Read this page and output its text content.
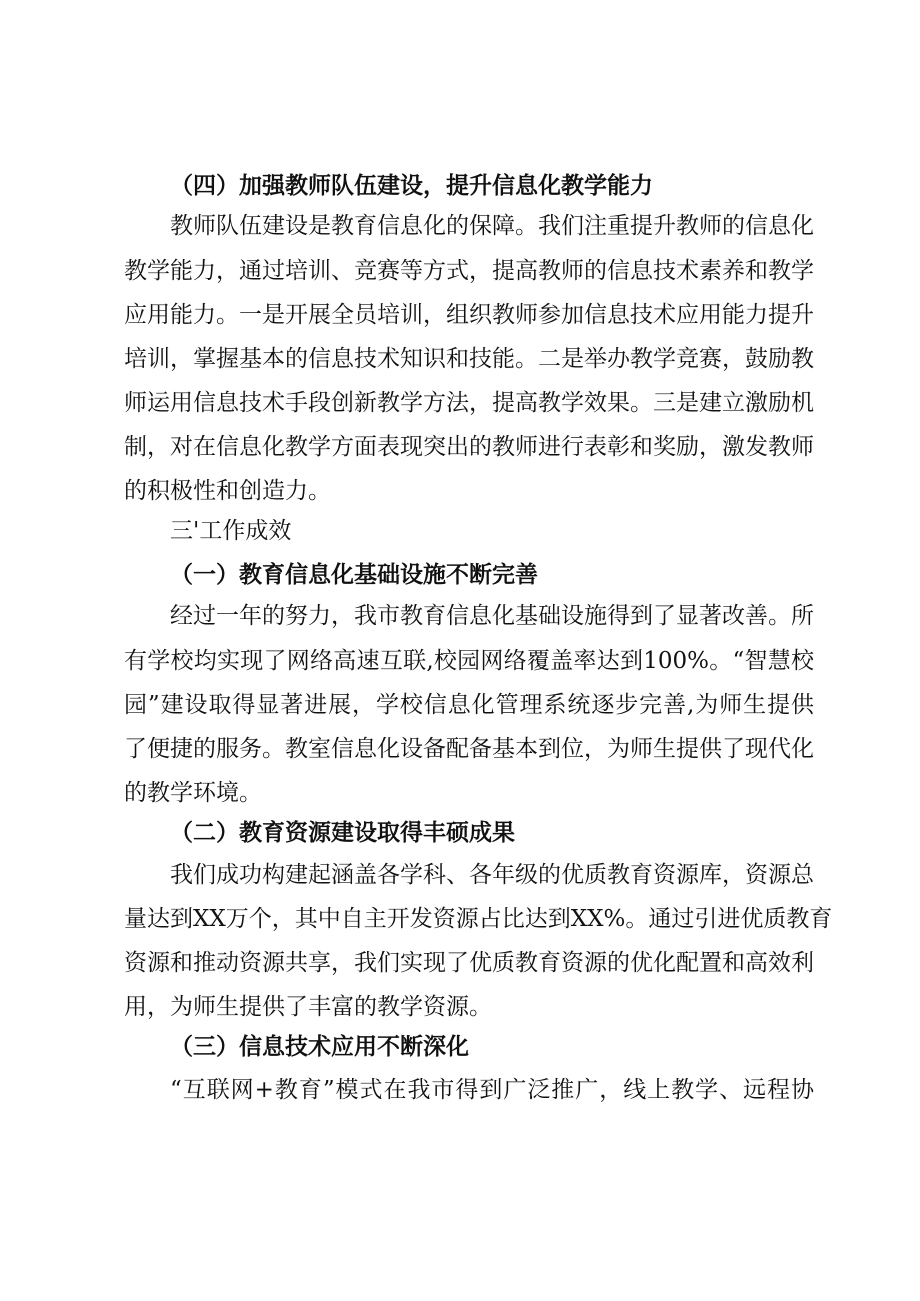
（四）加强教师队伍建设，提升信息化教学能力
教师队伍建设是教育信息化的保障。我们注重提升教师的信息化
教学能力，通过培训、竞赛等方式，提高教师的信息技术素养和教学
应用能力。一是开展全员培训，组织教师参加信息技术应用能力提升
培训，掌握基本的信息技术知识和技能。二是举办教学竞赛，鼓励教
师运用信息技术手段创新教学方法，提高教学效果。三是建立激励机
制，对在信息化教学方面表现突出的教师进行表彰和奖励，激发教师
的积极性和创造力。
三'工作成效
（一）教育信息化基础设施不断完善
经过一年的努力，我市教育信息化基础设施得到了显著改善。所
有学校均实现了网络高速互联,校园网络覆盖率达到100%。“智慧校
园”建设取得显著进展，学校信息化管理系统逐步完善,为师生提供
了便捷的服务。教室信息化设备配备基本到位，为师生提供了现代化
的教学环境。
（二）教育资源建设取得丰硕成果
我们成功构建起涵盖各学科、各年级的优质教育资源库，资源总
量达到XX万个，其中自主开发资源占比达到XX%。通过引进优质教育
资源和推动资源共享，我们实现了优质教育资源的优化配置和高效利
用，为师生提供了丰富的教学资源。
（三）信息技术应用不断深化
“互联网+教育”模式在我市得到广泛推广，线上教学、远程协
